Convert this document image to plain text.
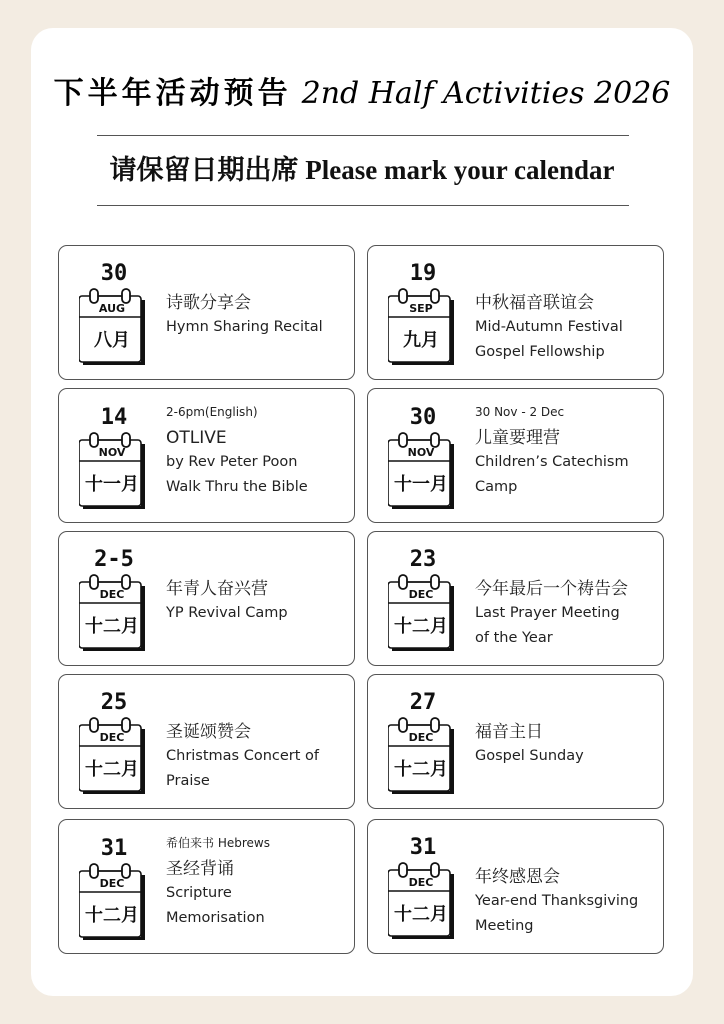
下半年活动预告 2nd Half Activities 2026
请保留日期出席 Please mark your calendar
30
AUG
八月
诗歌分享会
Hymn Sharing Recital
19
SEP
九月
中秋福音联谊会
Mid-Autumn Festival
Gospel Fellowship
14
NOV
十一月
2-6pm(English)
OTLIVE
by Rev Peter Poon
Walk Thru the Bible
30
NOV
十一月
30 Nov - 2 Dec
儿童要理营
Children’s Catechism
Camp
2-5
DEC
十二月
年青人奋兴营
YP Revival Camp
23
DEC
十二月
今年最后一个祷告会
Last Prayer Meeting
of the Year
25
DEC
十二月
圣诞颂赞会
Christmas Concert of
Praise
27
DEC
十二月
福音主日
Gospel Sunday
31
DEC
十二月
希伯来书 Hebrews
圣经背诵
Scripture
Memorisation
31
DEC
十二月
年终感恩会
Year-end Thanksgiving
Meeting
